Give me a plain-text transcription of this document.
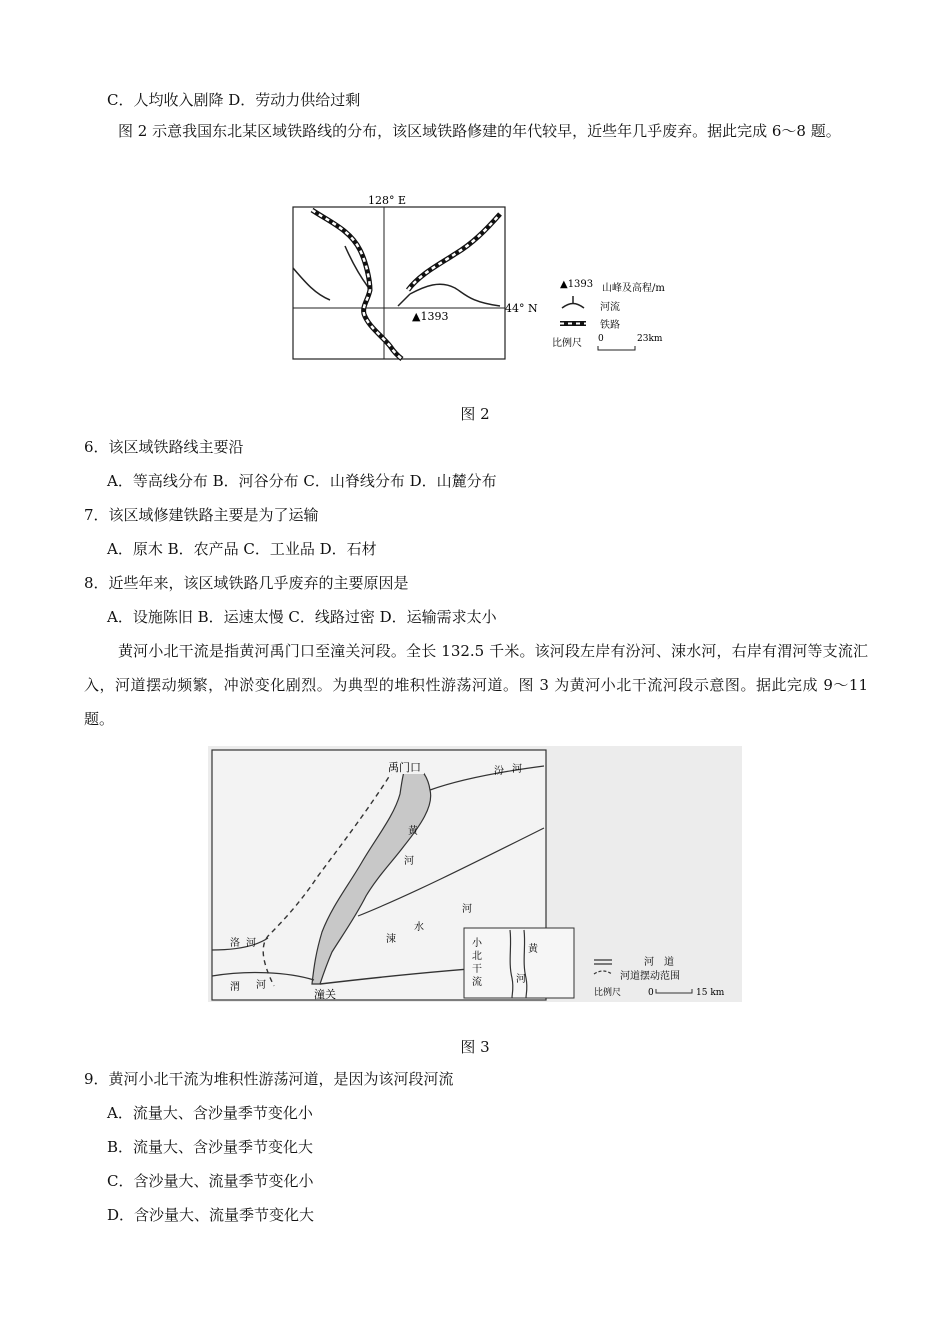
C．人均收入剧降 D．劳动力供给过剩
图 2 示意我国东北某区域铁路线的分布，该区域铁路修建的年代较早，近些年几乎废弃。据此完成 6～8 题。
128° E
44° N
▲1393
▲1393 山峰及高程/m
河流
铁路
比例尺 0	23km
图 2
6．该区域铁路线主要沿
A．等高线分布 B．河谷分布 C．山脊线分布 D．山麓分布
7．该区域修建铁路主要是为了运输
A．原木 B．农产品 C．工业品 D．石材
8．近些年来，该区域铁路几乎废弃的主要原因是
A．设施陈旧 B．运速太慢 C．线路过密 D．运输需求太小
黄河小北干流是指黄河禹门口至潼关河段。全长 132.5 千米。该河段左岸有汾河、涑水河，右岸有渭河等支流汇入，河道摆动频繁，冲淤变化剧烈。为典型的堆积性游荡河道。图 3 为黄河小北干流河段示意图。据此完成 9～11 题。
禹门口	汾 河
黄
河
涑
水
河
洛 河
渭 河
潼关
黄
河
小
北
干
流
河　道
河道摆动范围
比例尺	0	15 km
图 3
9．黄河小北干流为堆积性游荡河道，是因为该河段河流
A．流量大、含沙量季节变化小
B．流量大、含沙量季节变化大
C．含沙量大、流量季节变化小
D．含沙量大、流量季节变化大
